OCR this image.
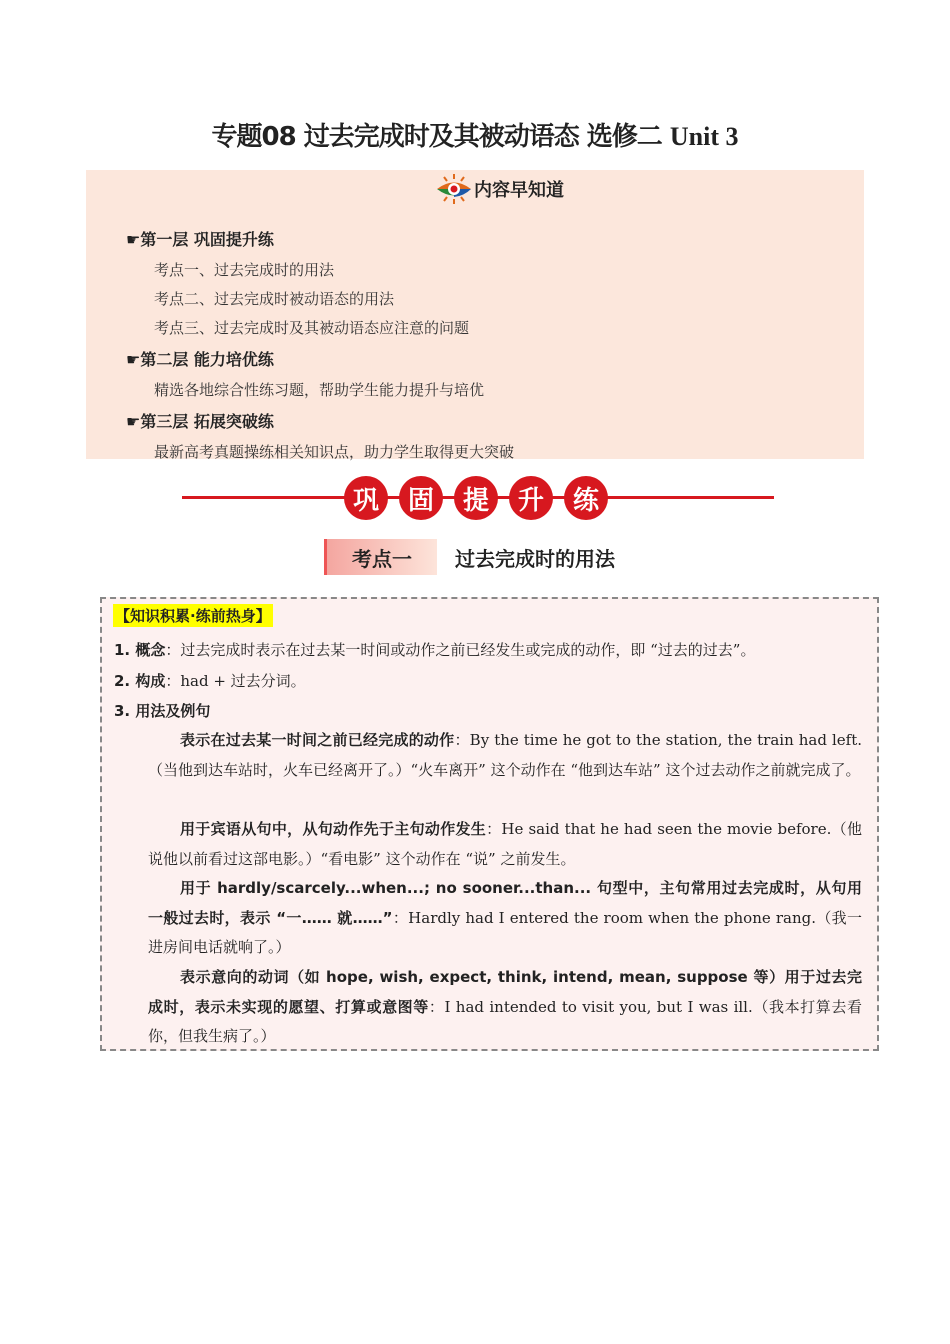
专题08 过去完成时及其被动语态 选修二 Unit 3
内容早知道
☛第一层 巩固提升练
考点一、过去完成时的用法
考点二、过去完成时被动语态的用法
考点三、过去完成时及其被动语态应注意的问题
☛第二层 能力培优练
精选各地综合性练习题，帮助学生能力提升与培优
☛第三层 拓展突破练
最新高考真题操练相关知识点，助力学生取得更大突破
巩	固	提	升	练
考点一	过去完成时的用法
【知识积累·练前热身】
1. 概念：过去完成时表示在过去某一时间或动作之前已经发生或完成的动作，即 “过去的过去”。
2. 构成：had + 过去分词。
3. 用法及例句
表示在过去某一时间之前已经完成的动作：By the time he got to the station, the train had left.（当他到达车站时，火车已经离开了。）“火车离开” 这个动作在 “他到达车站” 这个过去动作之前就完成了。
用于宾语从句中，从句动作先于主句动作发生：He said that he had seen the movie before.（他说他以前看过这部电影。）“看电影” 这个动作在 “说” 之前发生。
用于 hardly/scarcely...when...; no sooner...than... 句型中，主句常用过去完成时，从句用一般过去时，表示 “一…… 就……”：Hardly had I entered the room when the phone rang.（我一进房间电话就响了。）
表示意向的动词（如 hope, wish, expect, think, intend, mean, suppose 等）用于过去完成时，表示未实现的愿望、打算或意图等：I had intended to visit you, but I was ill.（我本打算去看你，但我生病了。）
